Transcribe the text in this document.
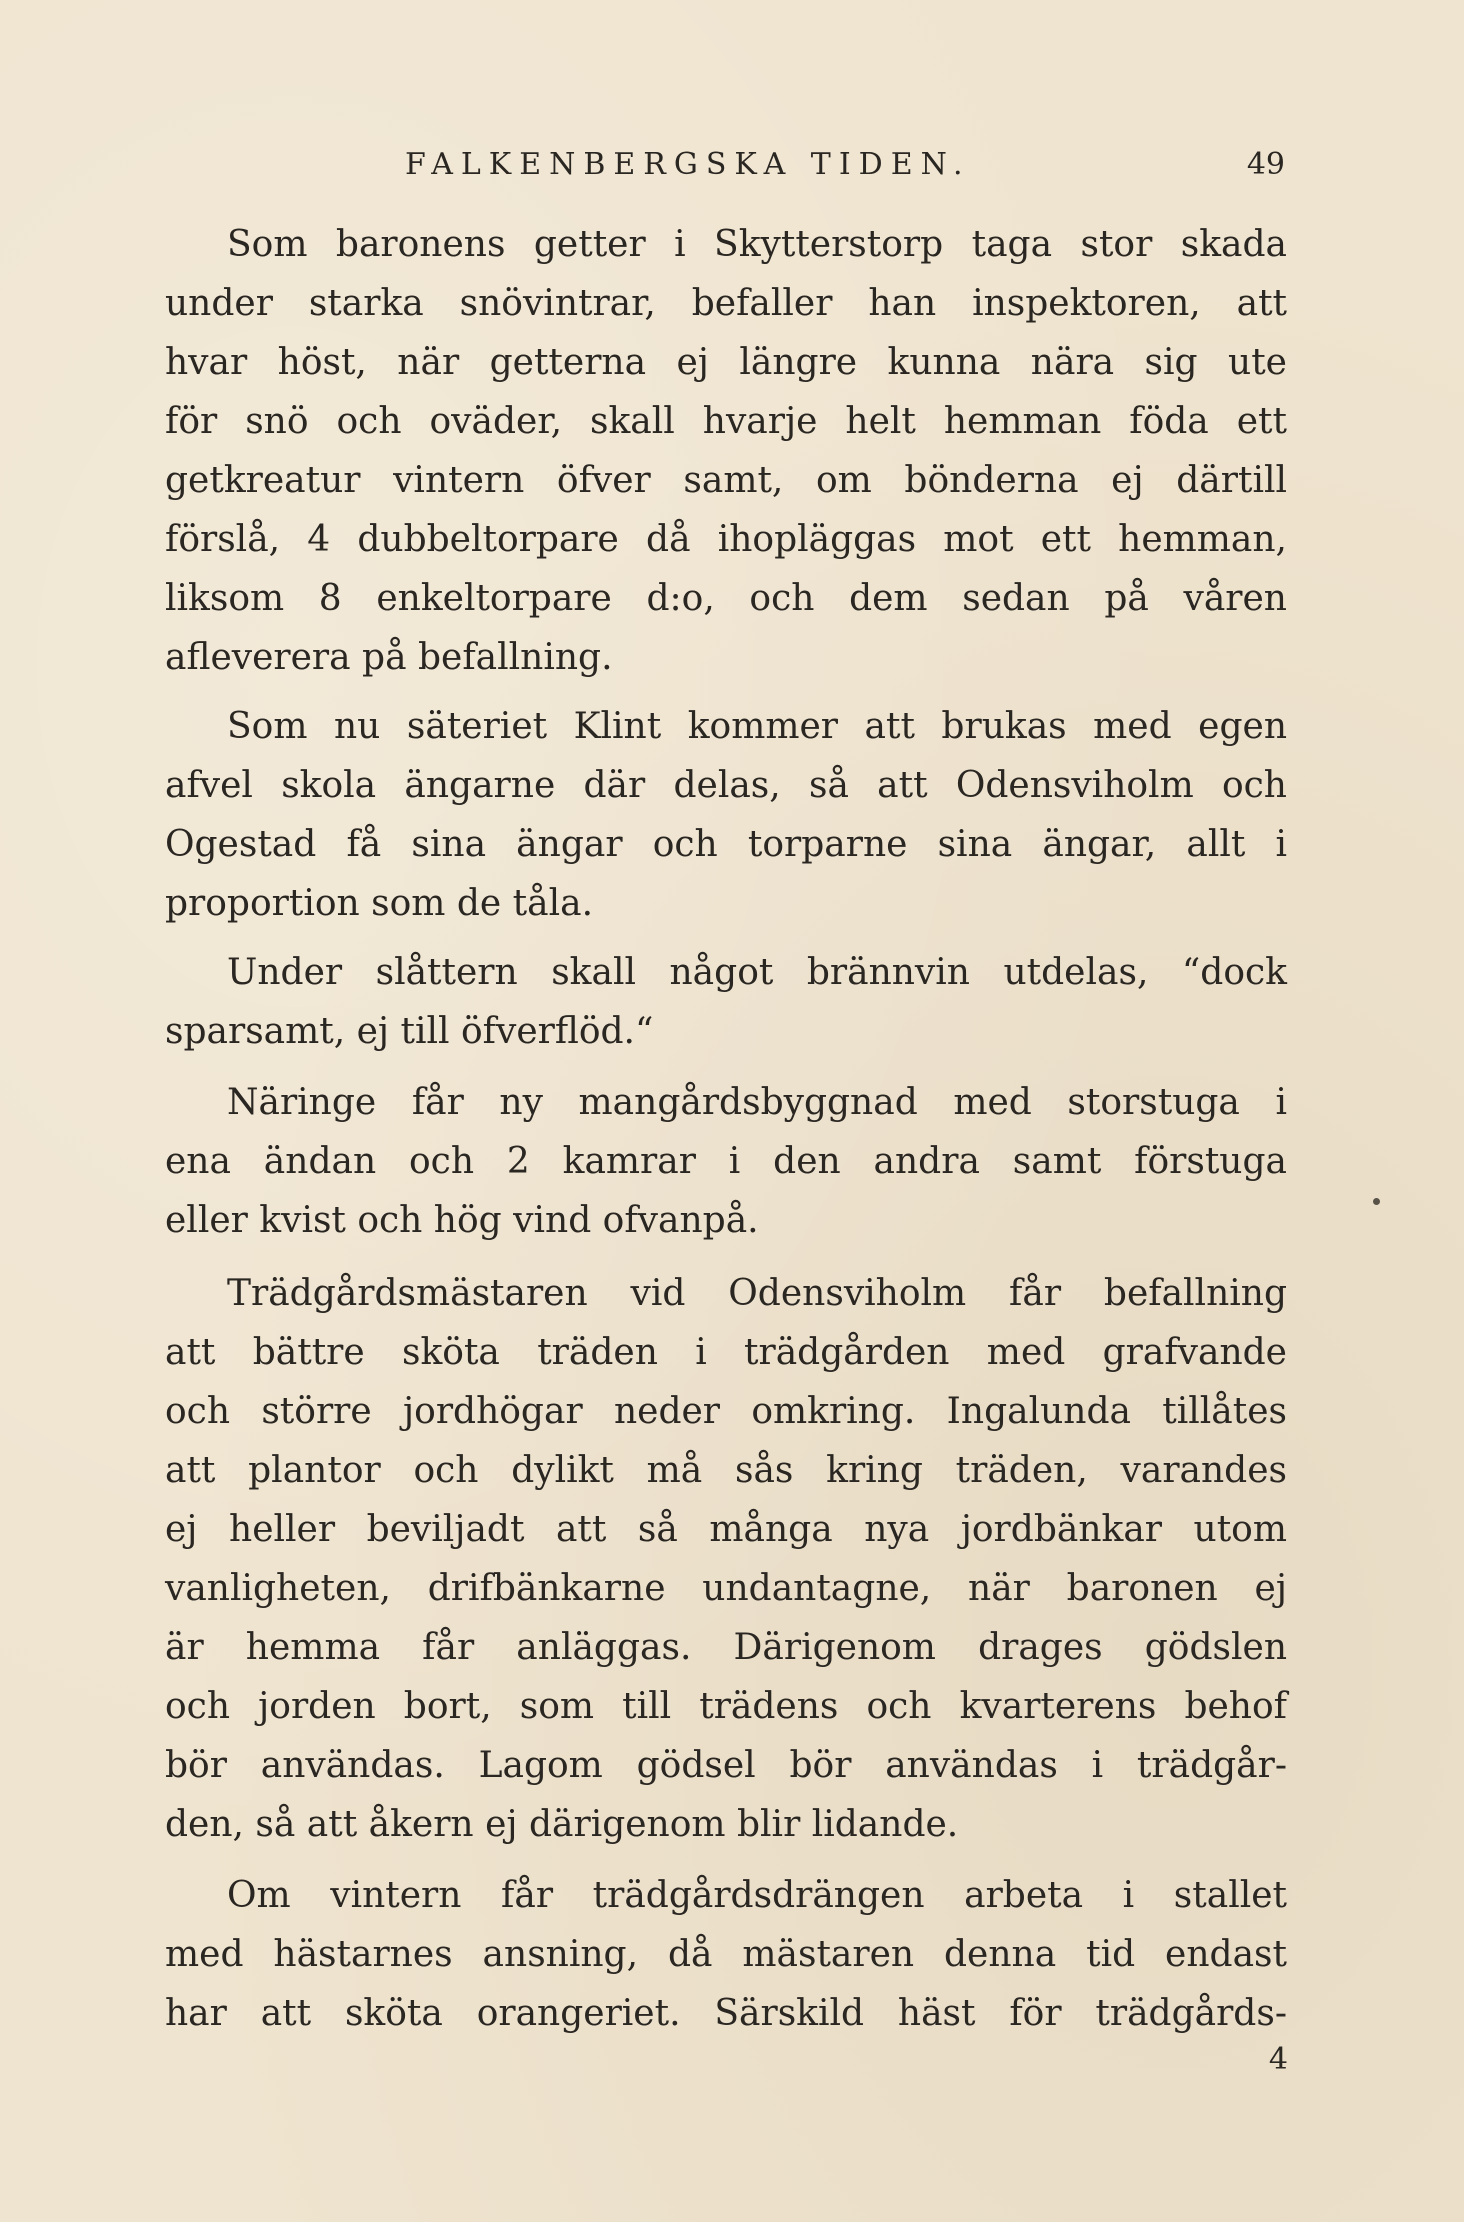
FALKENBERGSKA TIDEN.	49
Som baronens getter i Skytterstorp taga stor skada
under starka snövintrar, befaller han inspektoren, att
hvar höst, när getterna ej längre kunna nära sig ute
för snö och oväder, skall hvarje helt hemman föda ett
getkreatur vintern öfver samt, om bönderna ej därtill
förslå, 4 dubbeltorpare då ihopläggas mot ett hemman,
liksom 8 enkeltorpare d:o, och dem sedan på våren
afleverera på befallning.
Som nu säteriet Klint kommer att brukas med egen
afvel skola ängarne där delas, så att Odensviholm och
Ogestad få sina ängar och torparne sina ängar, allt i
proportion som de tåla.
Under slåttern skall något brännvin utdelas, “dock
sparsamt, ej till öfverflöd.“
Näringe får ny mangårdsbyggnad med storstuga i
ena ändan och 2 kamrar i den andra samt förstuga
eller kvist och hög vind ofvanpå.
Trädgårdsmästaren vid Odensviholm får befallning
att bättre sköta träden i trädgården med grafvande
och större jordhögar neder omkring. Ingalunda tillåtes
att plantor och dylikt må sås kring träden, varandes
ej heller beviljadt att så många nya jordbänkar utom
vanligheten, drifbänkarne undantagne, när baronen ej
är hemma får anläggas. Därigenom drages gödslen
och jorden bort, som till trädens och kvarterens behof
bör användas. Lagom gödsel bör användas i trädgår-
den, så att åkern ej därigenom blir lidande.
Om vintern får trädgårdsdrängen arbeta i stallet
med hästarnes ansning, då mästaren denna tid endast
har att sköta orangeriet. Särskild häst för trädgårds-
4
